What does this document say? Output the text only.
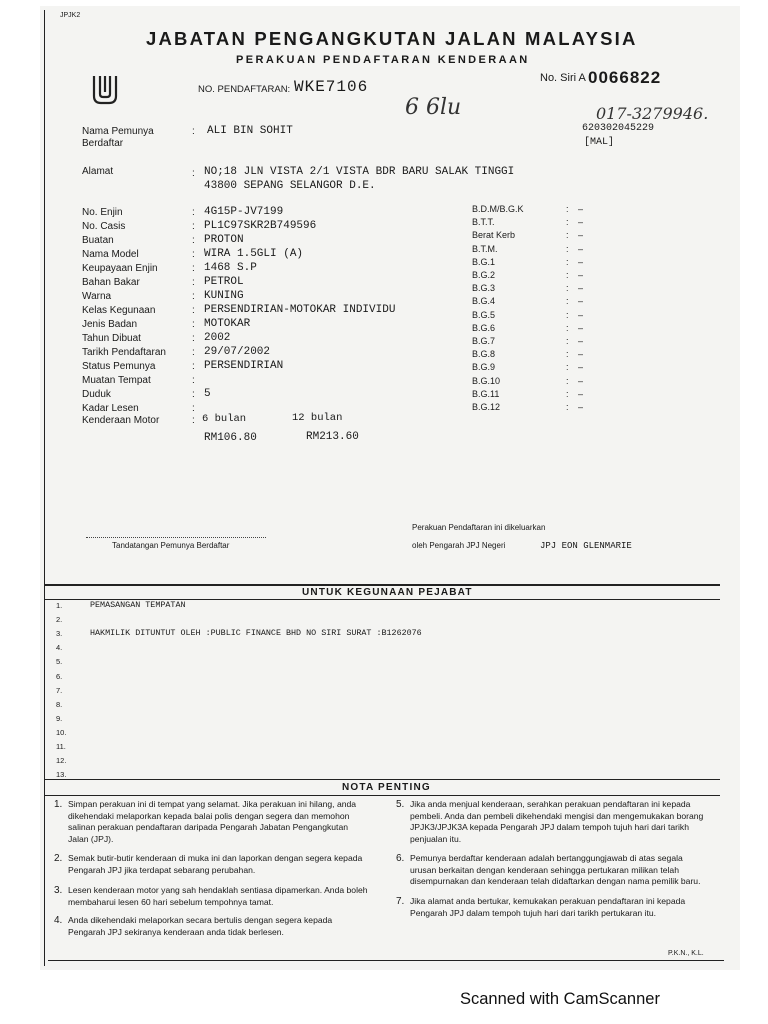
JPJK2
JABATAN PENGANGKUTAN JALAN MALAYSIA
PERAKUAN PENDAFTARAN KENDERAAN
NO. PENDAFTARAN: WKE7106	No. Siri A 0066822
6 6lu	017-3279946.
Nama Pemunya
Berdaftar
: ALI BIN SOHIT	620302045229
[MAL]
Alamat	: NO;18 JLN VISTA 2/1 VISTA BDR BARU SALAK TINGGI
43800 SEPANG SELANGOR D.E.
No. Enjin	: 4G15P-JV7199
No. Casis	: PL1C97SKR2B749596
Buatan	: PROTON
Nama Model	: WIRA 1.5GLI (A)
Keupayaan Enjin	: 1468 S.P
Bahan Bakar	: PETROL
Warna	: KUNING
Kelas Kegunaan	: PERSENDIRIAN-MOTOKAR INDIVIDU
Jenis Badan	: MOTOKAR
Tahun Dibuat	: 2002
Tarikh Pendaftaran	: 29/07/2002
Status Pemunya	: PERSENDIRIAN
Muatan Tempat	:
Duduk	: 5
Kadar Lesen	:
Kenderaan Motor	:
B.D.M/B.G.K	: –
B.T.T.	: –
Berat Kerb	: –
B.T.M.	: –
B.G.1	: –
B.G.2	: –
B.G.3	: –
B.G.4	: –
B.G.5	: –
B.G.6	: –
B.G.7	: –
B.G.8	: –
B.G.9	: –
B.G.10	: –
B.G.11	: –
B.G.12	: –
6 bulan	12 bulan
RM106.80	RM213.60
Tandatangan Pemunya Berdaftar
Perakuan Pendaftaran ini dikeluarkan
oleh Pengarah JPJ Negeri	JPJ EON GLENMARIE
UNTUK KEGUNAAN PEJABAT
1.	PEMASANGAN TEMPATAN
2.
3.	HAKMILIK DITUNTUT OLEH :PUBLIC FINANCE BHD NO SIRI SURAT :B1262076
4.
5.
6.
7.
8.
9.
10.
11.
12.
13.
NOTA PENTING
1. Simpan perakuan ini di tempat yang selamat. Jika perakuan ini hilang, anda dikehendaki melaporkan kepada balai polis dengan segera dan memohon salinan perakuan pendaftaran daripada Pengarah Jabatan Pengangkutan Jalan (JPJ).
2. Semak butir-butir kenderaan di muka ini dan laporkan dengan segera kepada Pengarah JPJ jika terdapat sebarang perubahan.
3. Lesen kenderaan motor yang sah hendaklah sentiasa dipamerkan. Anda boleh membaharui lesen 60 hari sebelum tempohnya tamat.
4. Anda dikehendaki melaporkan secara bertulis dengan segera kepada Pengarah JPJ sekiranya kenderaan anda tidak berlesen.
5. Jika anda menjual kenderaan, serahkan perakuan pendaftaran ini kepada pembeli. Anda dan pembeli dikehendaki mengisi dan mengemukakan borang JPJK3/JPJK3A kepada Pengarah JPJ dalam tempoh tujuh hari dari tarikh penjualan itu.
6. Pemunya berdaftar kenderaan adalah bertanggungjawab di atas segala urusan berkaitan dengan kenderaan sehingga pertukaran milikan telah disempurnakan dan kenderaan telah didaftarkan dengan nama pemilik baru.
7. Jika alamat anda bertukar, kemukakan perakuan pendaftaran ini kepada Pengarah JPJ dalam tempoh tujuh hari dari tarikh pertukaran itu.
P.K.N., K.L.
Scanned with CamScanner
